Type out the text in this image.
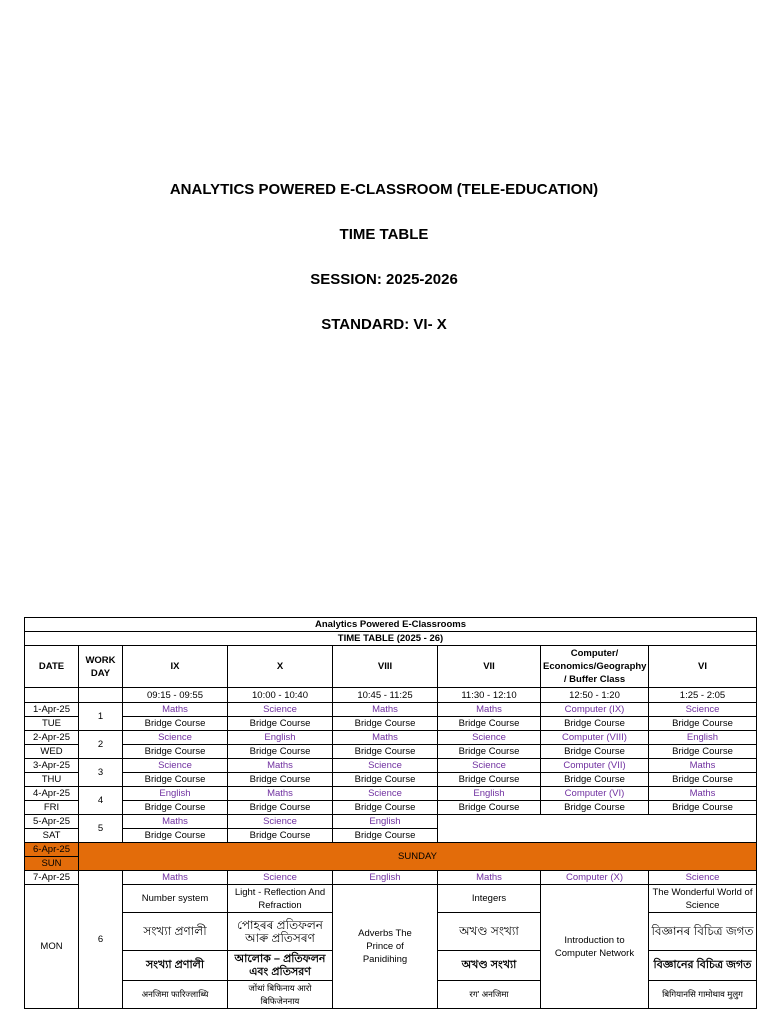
ANALYTICS POWERED E-CLASSROOM (TELE-EDUCATION)
TIME TABLE
SESSION: 2025-2026
STANDARD: VI- X
Analytics Powered E-Classrooms							
TIME TABLE (2025 - 26)							
DATE	WORK DAY	IX	X	VIII	VII	Computer/ Economics/Geography / Buffer Class	VI
		09:15 - 09:55	10:00 - 10:40	10:45 - 11:25	11:30 - 12:10	12:50 - 1:20	1:25 - 2:05
1-Apr-25	1	Maths	Science	Maths	Maths	Computer (IX)	Science
TUE		Bridge Course	Bridge Course	Bridge Course	Bridge Course	Bridge Course	Bridge Course
2-Apr-25	2	Science	English	Maths	Science	Computer (VIII)	English
WED		Bridge Course	Bridge Course	Bridge Course	Bridge Course	Bridge Course	Bridge Course
3-Apr-25	3	Science	Maths	Science	Science	Computer (VII)	Maths
THU		Bridge Course	Bridge Course	Bridge Course	Bridge Course	Bridge Course	Bridge Course
4-Apr-25	4	English	Maths	Science	English	Computer (VI)	Maths
FRI		Bridge Course	Bridge Course	Bridge Course	Bridge Course	Bridge Course	Bridge Course
5-Apr-25	5	Maths	Science	English			
SAT		Bridge Course	Bridge Course	Bridge Course			
6-Apr-25	SUNDAY						
SUN							
7-Apr-25	6	Maths	Science	English	Maths	Computer (X)	Science
MON		Number system	Light - Reflection And Refraction	Adverbs The Prince of Panidihing	Integers	Introduction to Computer Network	The Wonderful World of Science
		সংখ্যা প্ৰণালী	পোহৰৰ প্ৰতিফলন আৰু প্ৰতিসৰণ		অখণ্ড সংখ্যা		বিজ্ঞানৰ বিচিত্ৰ জগত
		সংখ্যা প্রণালী	আলোক – প্রতিফলন এবং প্রতিসরণ		অখণ্ড সংখ্যা		বিজ্ঞানের বিচিত্র জগত
		अनजिमा फारिज्लाब्धि	जोंथां बिफिनाय आरो बिफिजेननाय		रग' अनजिमा		बिगियानसि गामोथाव मुलुग
